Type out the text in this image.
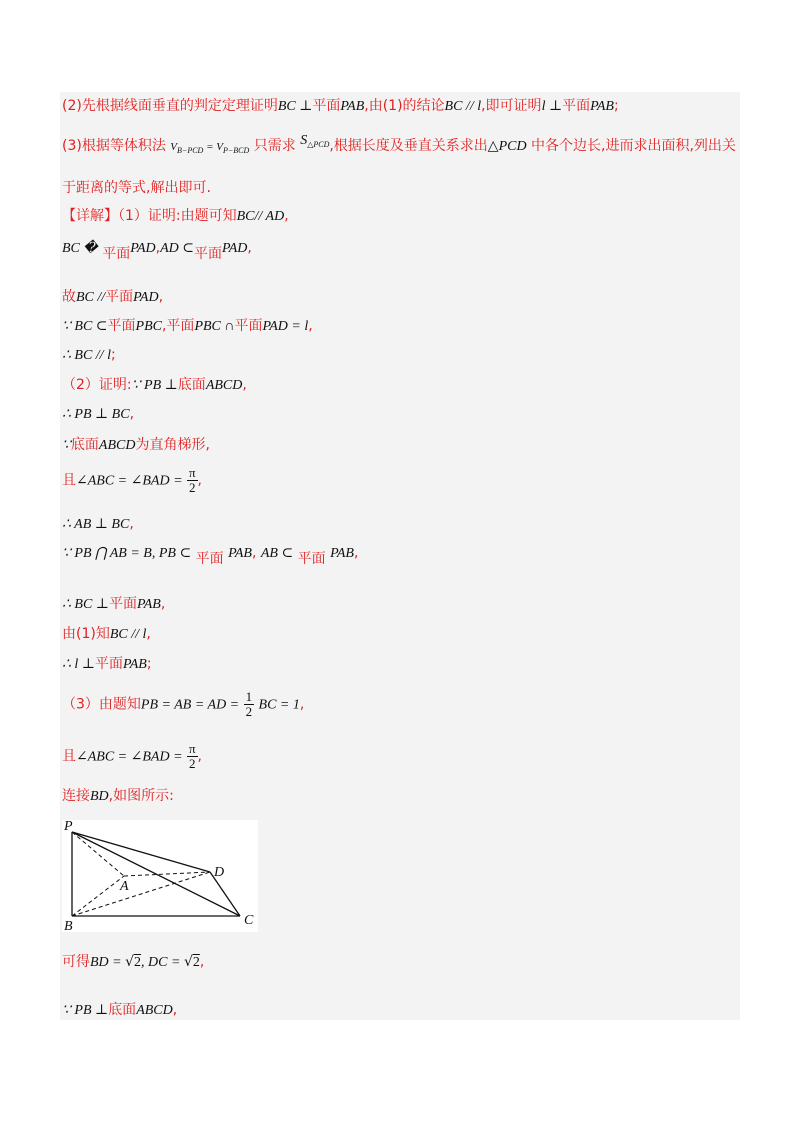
(2)先根据线面垂直的判定定理证明BC ⊥平面PAB,由(1)的结论BC // l,即可证明l ⊥平面PAB;
(3)根据等体积法 $V_{B-PCD} = V_{P-BCD}$ 只需求 $S_{\triangle PCD}$,根据长度及垂直关系求出△PCD 中各个边长,进而求出面积,列出关
于距离的等式,解出即可.
【详解】（1）证明:由题可知BC// AD,
BC � 平面PAD,AD ⊂平面PAD,
故BC //平面PAD,
∵ BC ⊂平面PBC,平面PBC ∩平面PAD = l,
∴ BC // l;
（2）证明:∵ PB ⊥底面ABCD,
∴ PB ⊥ BC,
∵底面ABCD为直角梯形,
且∠ABC = ∠BAD = $\frac{\pi}{2}$ ,
∴ AB ⊥ BC,
∵ PB ⋂ AB = B, PB ⊂ 平面 PAB, AB ⊂ 平面 PAB,
∴ BC ⊥平面PAB,
由(1)知BC // l,
∴ l ⊥平面PAB;
（3）由题知PB = AB = AD = $\frac{1}{2}$ BC = 1,
且∠ABC = ∠BAD = $\frac{\pi}{2}$ ,
连接BD,如图所示:
P
A
D
B	C
可得BD = √2, DC = √2,
∵ PB ⊥底面ABCD,
